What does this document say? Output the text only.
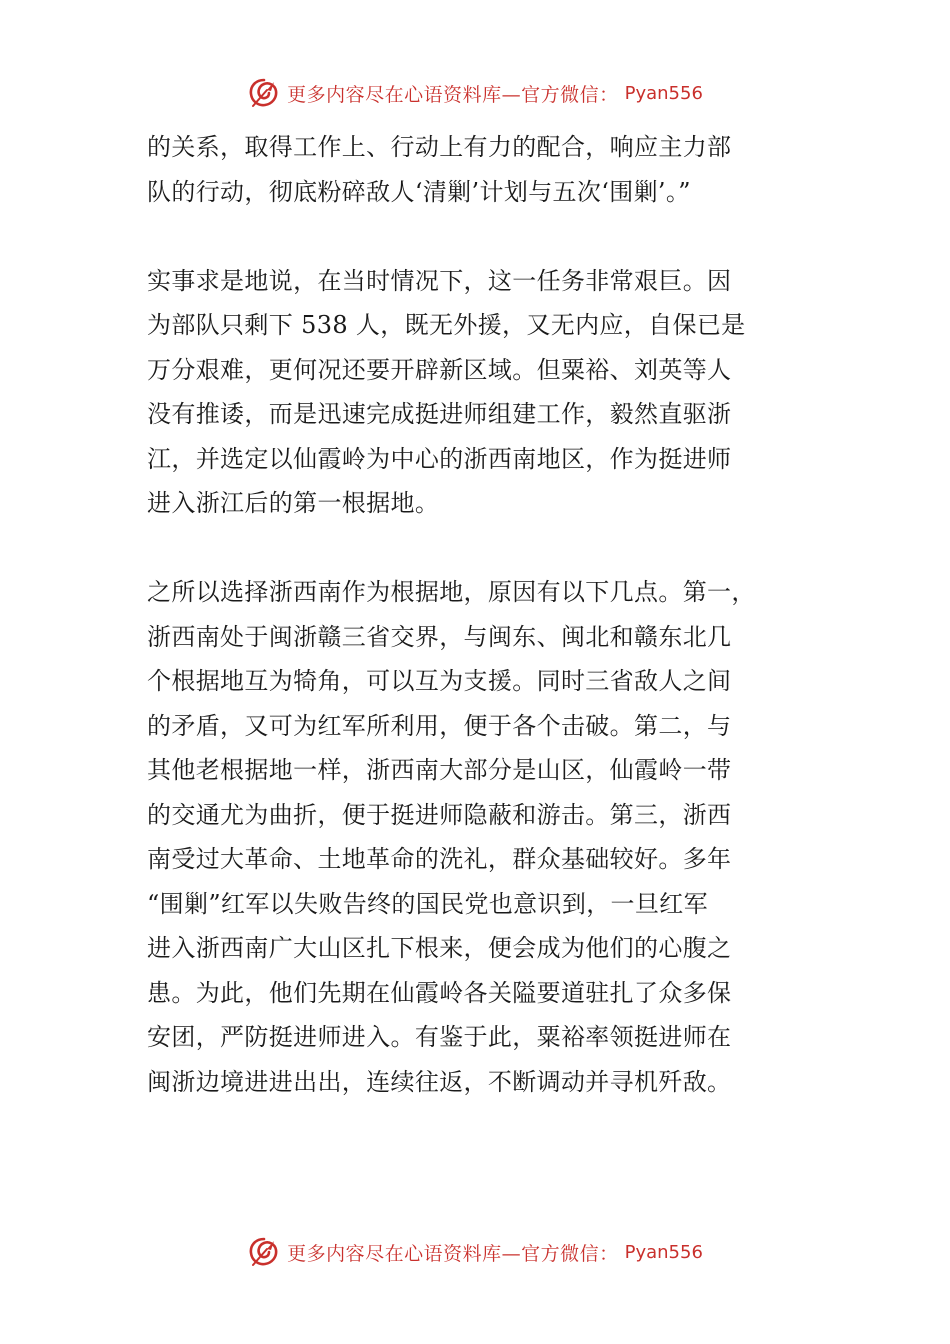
更多内容尽在心语资料库—官方微信： Pyan556

的关系，取得工作上、行动上有力的配合，响应主力部
队的行动，彻底粉碎敌人‘清剿’计划与五次‘围剿’。”

实事求是地说，在当时情况下，这一任务非常艰巨。因
为部队只剩下 538 人，既无外援，又无内应，自保已是
万分艰难，更何况还要开辟新区域。但粟裕、刘英等人
没有推诿，而是迅速完成挺进师组建工作，毅然直驱浙
江，并选定以仙霞岭为中心的浙西南地区，作为挺进师
进入浙江后的第一根据地。

之所以选择浙西南作为根据地，原因有以下几点。第一，
浙西南处于闽浙赣三省交界，与闽东、闽北和赣东北几
个根据地互为犄角，可以互为支援。同时三省敌人之间
的矛盾，又可为红军所利用，便于各个击破。第二，与
其他老根据地一样，浙西南大部分是山区，仙霞岭一带
的交通尤为曲折，便于挺进师隐蔽和游击。第三，浙西
南受过大革命、土地革命的洗礼，群众基础较好。多年
“围剿”红军以失败告终的国民党也意识到，一旦红军
进入浙西南广大山区扎下根来，便会成为他们的心腹之
患。为此，他们先期在仙霞岭各关隘要道驻扎了众多保
安团，严防挺进师进入。有鉴于此，粟裕率领挺进师在
闽浙边境进进出出，连续往返，不断调动并寻机歼敌。

更多内容尽在心语资料库—官方微信： Pyan556
